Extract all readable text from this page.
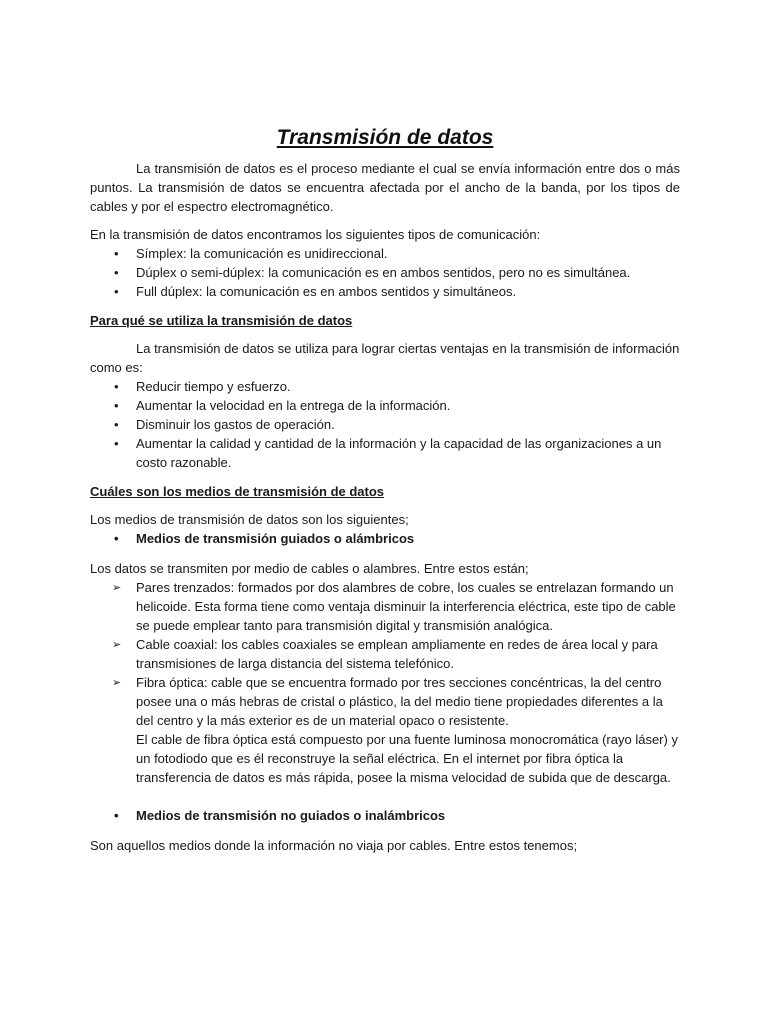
Transmisión de datos

La transmisión de datos es el proceso mediante el cual se envía información entre dos o más puntos. La transmisión de datos se encuentra afectada por el ancho de la banda, por los tipos de cables y por el espectro electromagnético.

En la transmisión de datos encontramos los siguientes tipos de comunicación:

• Símplex: la comunicación es unidireccional.
• Dúplex o semi-dúplex: la comunicación es en ambos sentidos, pero no es simultánea.
• Full dúplex: la comunicación es en ambos sentidos y simultáneos.

Para qué se utiliza la transmisión de datos

La transmisión de datos se utiliza para lograr ciertas ventajas en la transmisión de información como es:

• Reducir tiempo y esfuerzo.
• Aumentar la velocidad en la entrega de la información.
• Disminuir los gastos de operación.
• Aumentar la calidad y cantidad de la información y la capacidad de las organizaciones a un costo razonable.

Cuáles son los medios de transmisión de datos

Los medios de transmisión de datos son los siguientes;

• Medios de transmisión guiados o alámbricos

Los datos se transmiten por medio de cables o alambres. Entre estos están;

➢ Pares trenzados: formados por dos alambres de cobre, los cuales se entrelazan formando un helicoide. Esta forma tiene como ventaja disminuir la interferencia eléctrica, este tipo de cable se puede emplear tanto para transmisión digital y transmisión analógica.
➢ Cable coaxial: los cables coaxiales se emplean ampliamente en redes de área local y para transmisiones de larga distancia del sistema telefónico.
➢ Fibra óptica: cable que se encuentra formado por tres secciones concéntricas, la del centro posee una o más hebras de cristal o plástico, la del medio tiene propiedades diferentes a la del centro y la más exterior es de un material opaco o resistente.
El cable de fibra óptica está compuesto por una fuente luminosa monocromática (rayo láser) y un fotodiodo que es él reconstruye la señal eléctrica. En el internet por fibra óptica la transferencia de datos es más rápida, posee la misma velocidad de subida que de descarga.
• Medios de transmisión no guiados o inalámbricos

Son aquellos medios donde la información no viaja por cables. Entre estos tenemos;
